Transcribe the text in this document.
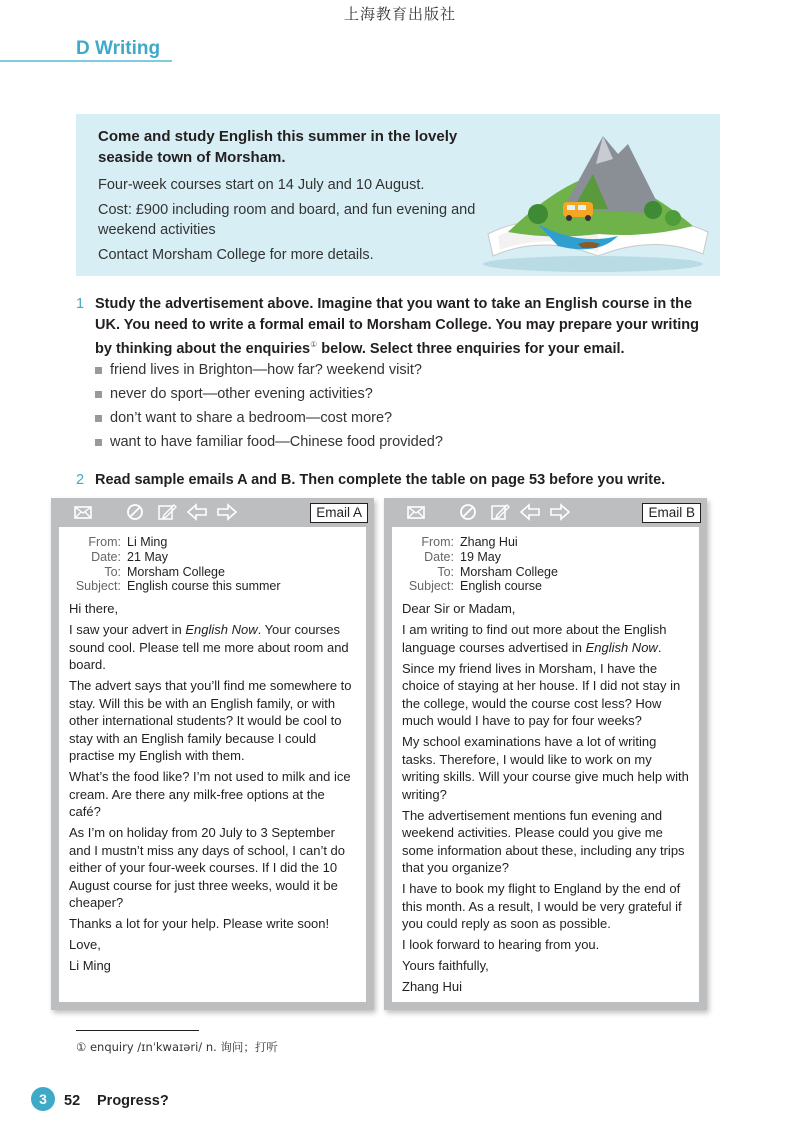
上海教育出版社
D Writing
Come and study English this summer in the lovely seaside town of Morsham.
Four-week courses start on 14 July and 10 August.
Cost: £900 including room and board, and fun evening and weekend activities
Contact Morsham College for more details.
1 Study the advertisement above. Imagine that you want to take an English course in the UK. You need to write a formal email to Morsham College. You may prepare your writing by thinking about the enquiries① below. Select three enquiries for your email.
friend lives in Brighton—how far? weekend visit?
never do sport—other evening activities?
don’t want to share a bedroom—cost more?
want to have familiar food—Chinese food provided?
2 Read sample emails A and B. Then complete the table on page 53 before you write.
Email A
From: Li Ming
Date: 21 May
To: Morsham College
Subject: English course this summer
Hi there,
I saw your advert in English Now. Your courses sound cool. Please tell me more about room and board.
The advert says that you’ll find me somewhere to stay. Will this be with an English family, or with other international students? It would be cool to stay with an English family because I could practise my English with them.
What’s the food like? I’m not used to milk and ice cream. Are there any milk-free options at the café?
As I’m on holiday from 20 July to 3 September and I mustn’t miss any days of school, I can’t do either of your four-week courses. If I did the 10 August course for just three weeks, would it be cheaper?
Thanks a lot for your help. Please write soon!
Love,
Li Ming
Email B
From: Zhang Hui
Date: 19 May
To: Morsham College
Subject: English course
Dear Sir or Madam,
I am writing to find out more about the English language courses advertised in English Now.
Since my friend lives in Morsham, I have the choice of staying at her house. If I did not stay in the college, would the course cost less? How much would I have to pay for four weeks?
My school examinations have a lot of writing tasks. Therefore, I would like to work on my writing skills. Will your course give much help with writing?
The advertisement mentions fun evening and weekend activities. Please could you give me some information about these, including any trips that you organize?
I have to book my flight to England by the end of this month. As a result, I would be very grateful if you could reply as soon as possible.
I look forward to hearing from you.
Yours faithfully,
Zhang Hui
① enquiry /ɪnˈkwaɪəri/ n. 询问；打听
3	52 Progress?
